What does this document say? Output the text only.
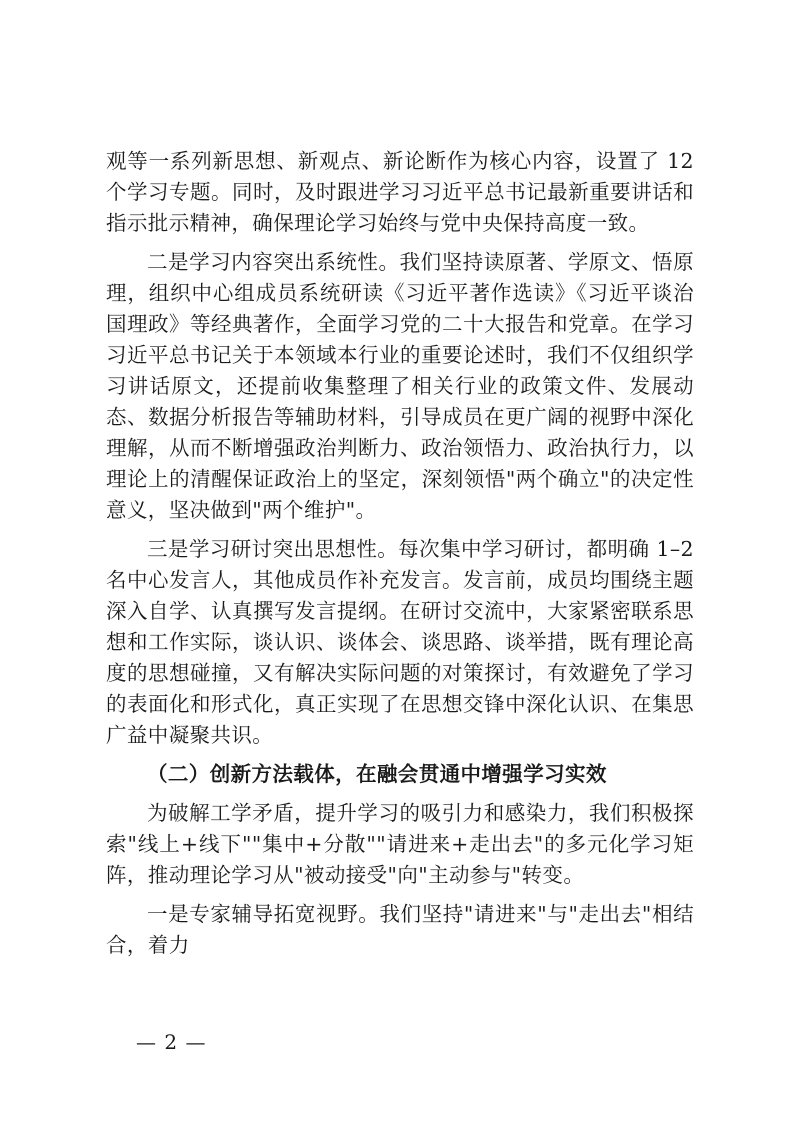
观等一系列新思想、新观点、新论断作为核心内容，设置了 12 个学习专题。同时，及时跟进学习习近平总书记最新重要讲话和指示批示精神，确保理论学习始终与党中央保持高度一致。

二是学习内容突出系统性。我们坚持读原著、学原文、悟原理，组织中心组成员系统研读《习近平著作选读》《习近平谈治国理政》等经典著作，全面学习党的二十大报告和党章。在学习习近平总书记关于本领域本行业的重要论述时，我们不仅组织学习讲话原文，还提前收集整理了相关行业的政策文件、发展动态、数据分析报告等辅助材料，引导成员在更广阔的视野中深化理解，从而不断增强政治判断力、政治领悟力、政治执行力，以理论上的清醒保证政治上的坚定，深刻领悟"两个确立"的决定性意义，坚决做到"两个维护"。

三是学习研讨突出思想性。每次集中学习研讨，都明确 1–2 名中心发言人，其他成员作补充发言。发言前，成员均围绕主题深入自学、认真撰写发言提纲。在研讨交流中，大家紧密联系思想和工作实际，谈认识、谈体会、谈思路、谈举措，既有理论高度的思想碰撞，又有解决实际问题的对策探讨，有效避免了学习的表面化和形式化，真正实现了在思想交锋中深化认识、在集思广益中凝聚共识。

（二）创新方法载体，在融会贯通中增强学习实效

为破解工学矛盾，提升学习的吸引力和感染力，我们积极探索"线上+线下""集中+分散""请进来+走出去"的多元化学习矩阵，推动理论学习从"被动接受"向"主动参与"转变。

一是专家辅导拓宽视野。我们坚持"请进来"与"走出去"相结合，着力

— 2 —
